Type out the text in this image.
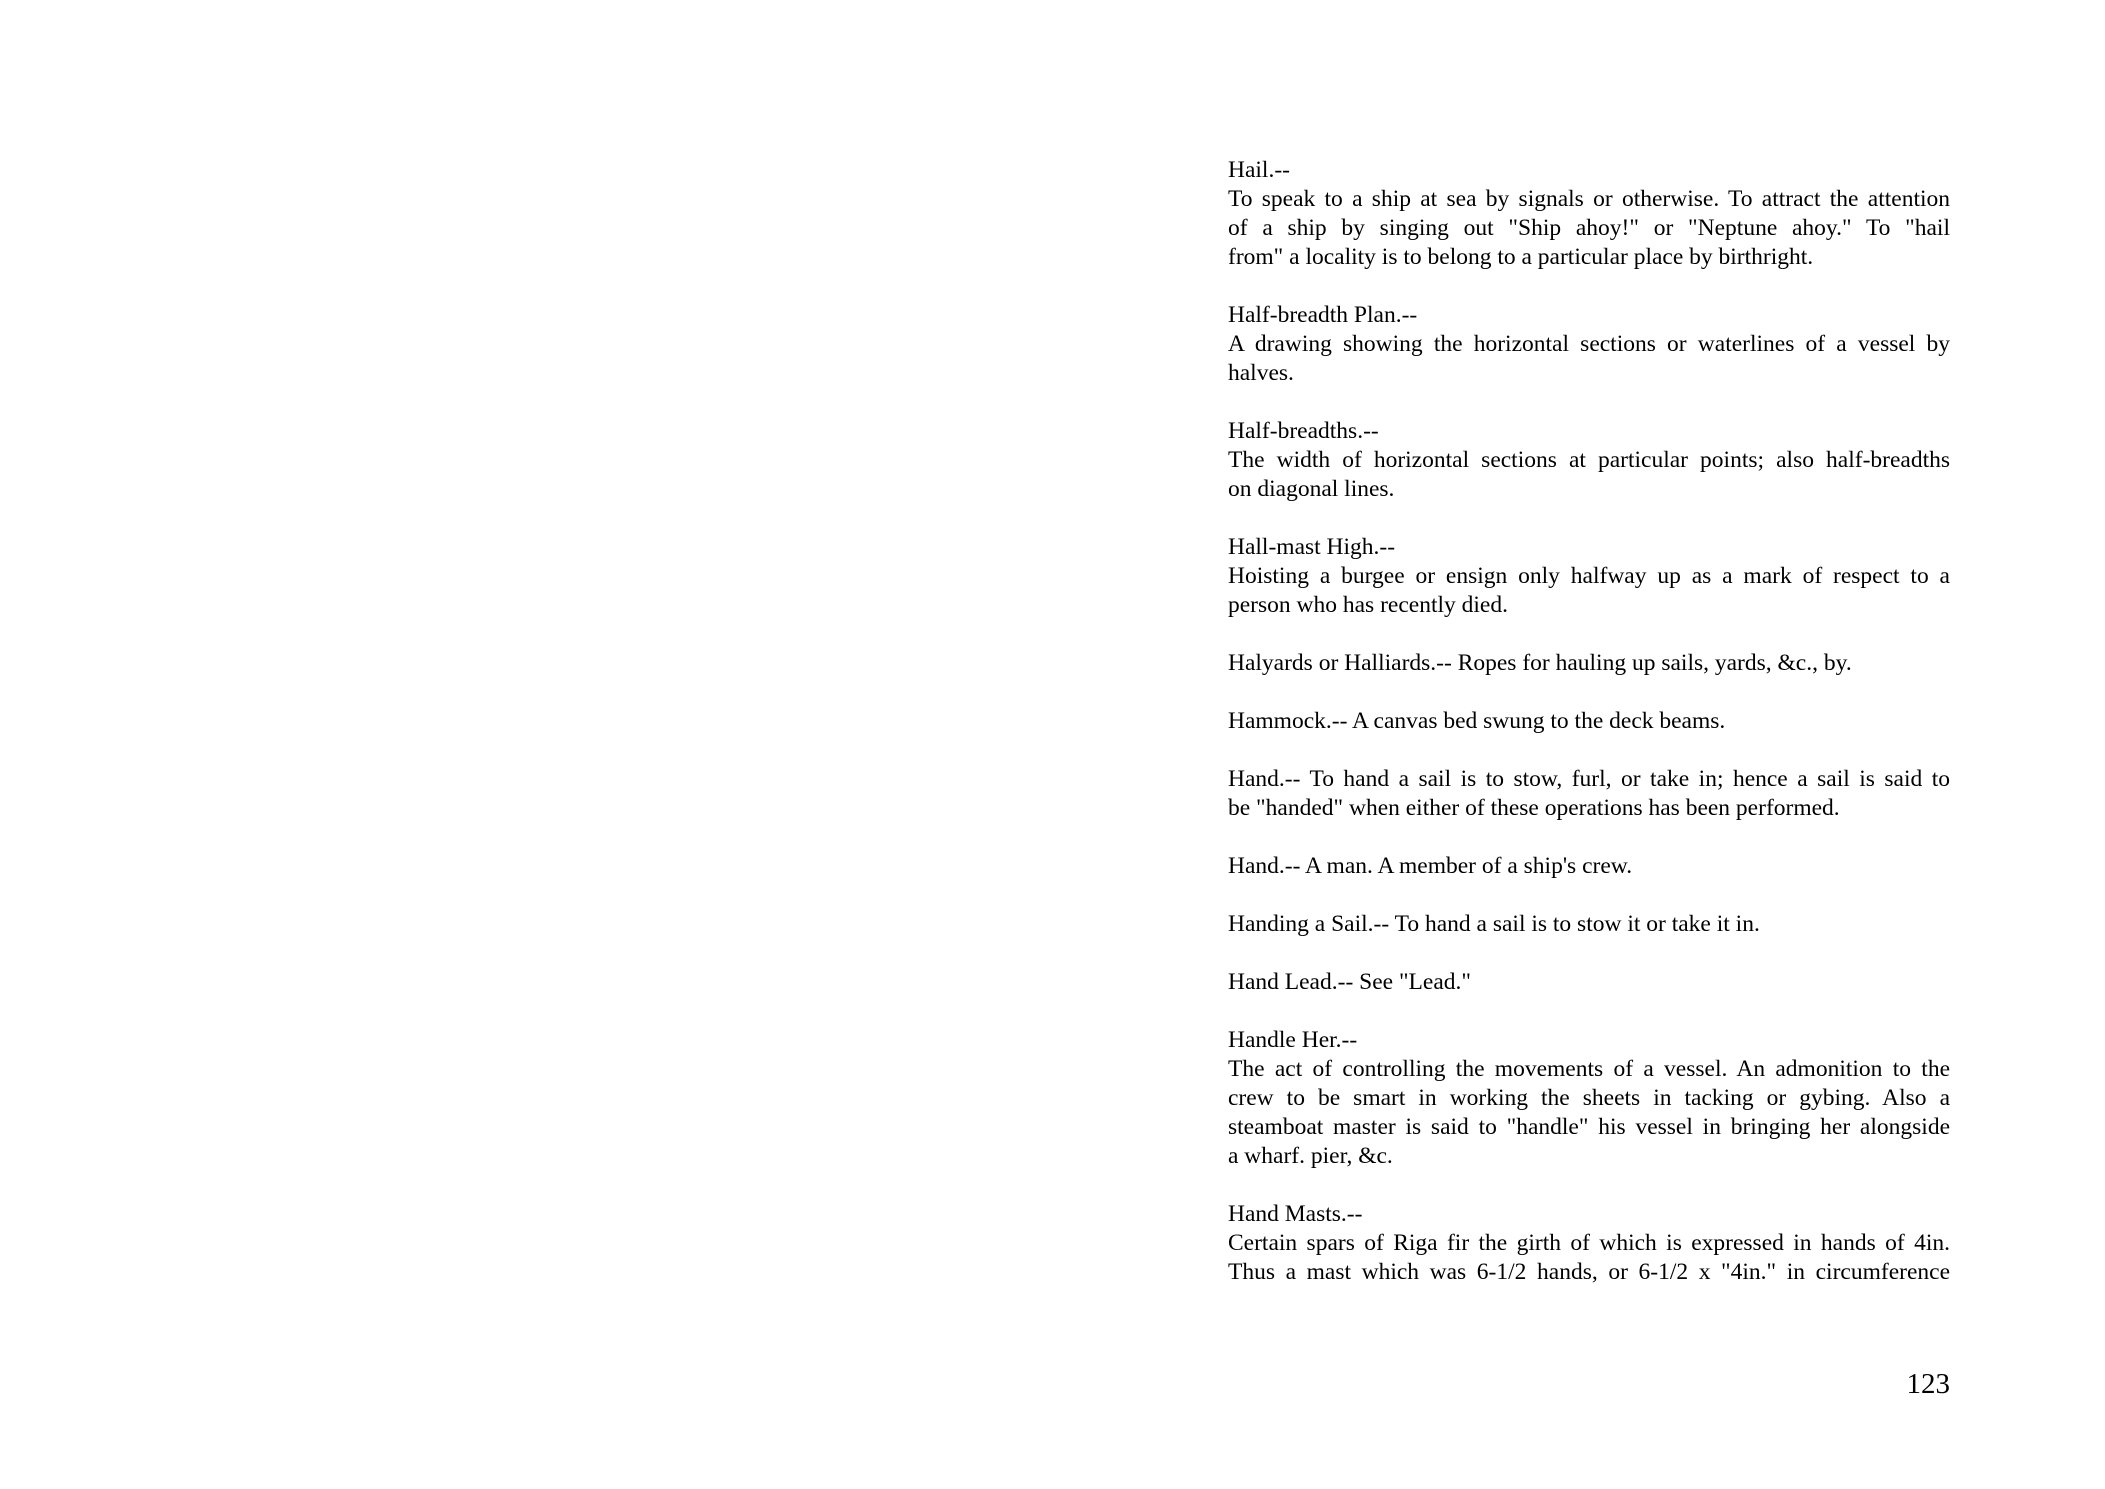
Hail.--
To speak to a ship at sea by signals or otherwise. To attract the attention
of a ship by singing out "Ship ahoy!" or "Neptune ahoy." To "hail
from" a locality is to belong to a particular place by birthright.
Half-breadth Plan.--
A drawing showing the horizontal sections or waterlines of a vessel by
halves.
Half-breadths.--
The width of horizontal sections at particular points; also half-breadths
on diagonal lines.
Hall-mast High.--
Hoisting a burgee or ensign only halfway up as a mark of respect to a
person who has recently died.
Halyards or Halliards.-- Ropes for hauling up sails, yards, &c., by.
Hammock.-- A canvas bed swung to the deck beams.
Hand.-- To hand a sail is to stow, furl, or take in; hence a sail is said to
be "handed" when either of these operations has been performed.
Hand.-- A man. A member of a ship's crew.
Handing a Sail.-- To hand a sail is to stow it or take it in.
Hand Lead.-- See "Lead."
Handle Her.--
The act of controlling the movements of a vessel. An admonition to the
crew to be smart in working the sheets in tacking or gybing. Also a
steamboat master is said to "handle" his vessel in bringing her alongside
a wharf. pier, &c.
Hand Masts.--
Certain spars of Riga fir the girth of which is expressed in hands of 4in.
Thus a mast which was 6-1/2 hands, or 6-1/2 x "4in." in circumference
123
